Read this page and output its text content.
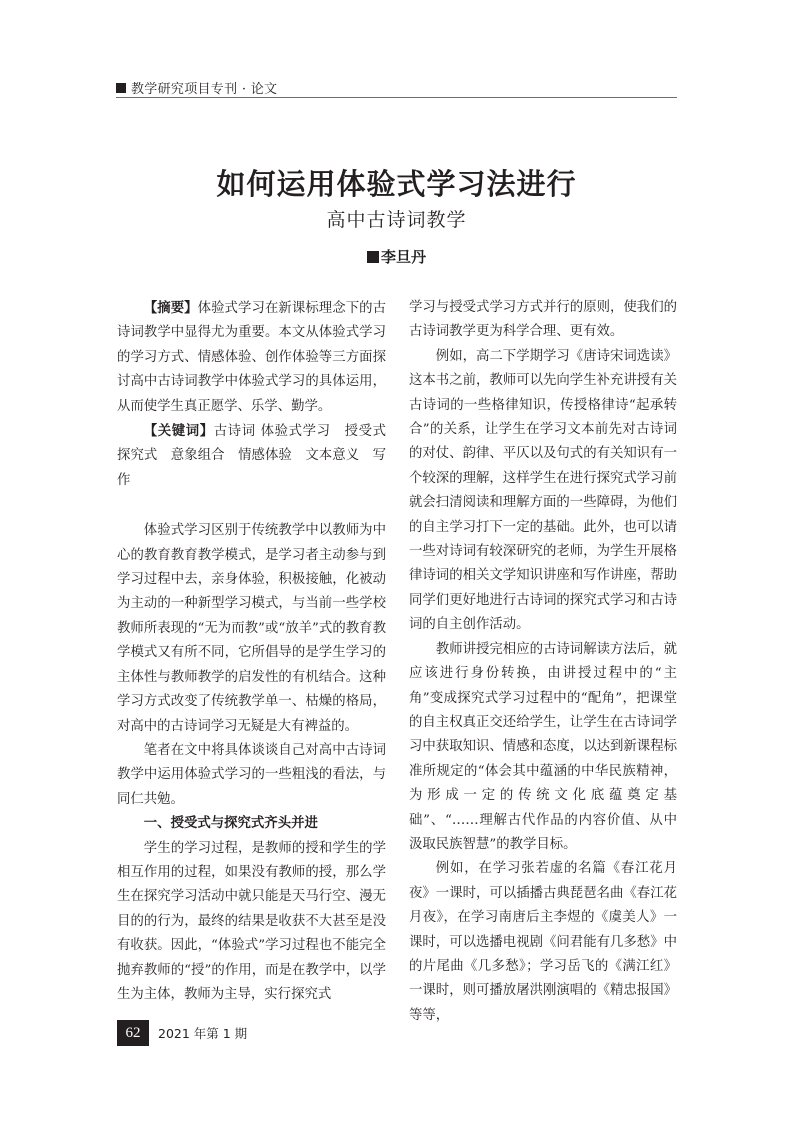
教学研究项目专刊 · 论文
如何运用体验式学习法进行
高中古诗词教学
李旦丹

【摘要】体验式学习在新课标理念下的古诗词教学中显得尤为重要。本文从体验式学习的学习方式、情感体验、创作体验等三方面探讨高中古诗词教学中体验式学习的具体运用，从而使学生真正愿学、乐学、勤学。

【关键词】古诗词 体验式学习　授受式探究式　意象组合　情感体验　文本意义　写作

体验式学习区别于传统教学中以教师为中心的教育教育教学模式，是学习者主动参与到学习过程中去，亲身体验，积极接触，化被动为主动的一种新型学习模式，与当前一些学校教师所表现的“无为而教”或“放羊”式的教育教学模式又有所不同，它所倡导的是学生学习的主体性与教师教学的启发性的有机结合。这种学习方式改变了传统教学单一、枯燥的格局，对高中的古诗词学习无疑是大有裨益的。

笔者在文中将具体谈谈自己对高中古诗词教学中运用体验式学习的一些粗浅的看法，与同仁共勉。

一、授受式与探究式齐头并进

学生的学习过程，是教师的授和学生的学相互作用的过程，如果没有教师的授，那么学生在探究学习活动中就只能是天马行空、漫无目的的行为，最终的结果是收获不大甚至是没有收获。因此，“体验式”学习过程也不能完全抛弃教师的“授”的作用，而是在教学中，以学生为主体，教师为主导，实行探究式

学习与授受式学习方式并行的原则，使我们的古诗词教学更为科学合理、更有效。

例如，高二下学期学习《唐诗宋词选读》这本书之前，教师可以先向学生补充讲授有关古诗词的一些格律知识，传授格律诗“起承转合”的关系，让学生在学习文本前先对古诗词的对仗、韵律、平仄以及句式的有关知识有一个较深的理解，这样学生在进行探究式学习前就会扫清阅读和理解方面的一些障碍，为他们的自主学习打下一定的基础。此外，也可以请一些对诗词有较深研究的老师，为学生开展格律诗词的相关文学知识讲座和写作讲座，帮助同学们更好地进行古诗词的探究式学习和古诗词的自主创作活动。

教师讲授完相应的古诗词解读方法后，就应该进行身份转换，由讲授过程中的“主角”变成探究式学习过程中的“配角”，把课堂的自主权真正交还给学生，让学生在古诗词学习中获取知识、情感和态度，以达到新课程标准所规定的“体会其中蕴涵的中华民族精神，为形成一定的传统文化底蕴奠定基础”、“……理解古代作品的内容价值、从中汲取民族智慧”的教学目标。

例如，在学习张若虚的名篇《春江花月夜》一课时，可以插播古典琵琶名曲《春江花月夜》，在学习南唐后主李煜的《虞美人》一课时，可以选播电视剧《问君能有几多愁》中的片尾曲《几多愁》；学习岳飞的《满江红》一课时，则可播放屠洪刚演唱的《精忠报国》等等，

62	2021 年第 1 期
